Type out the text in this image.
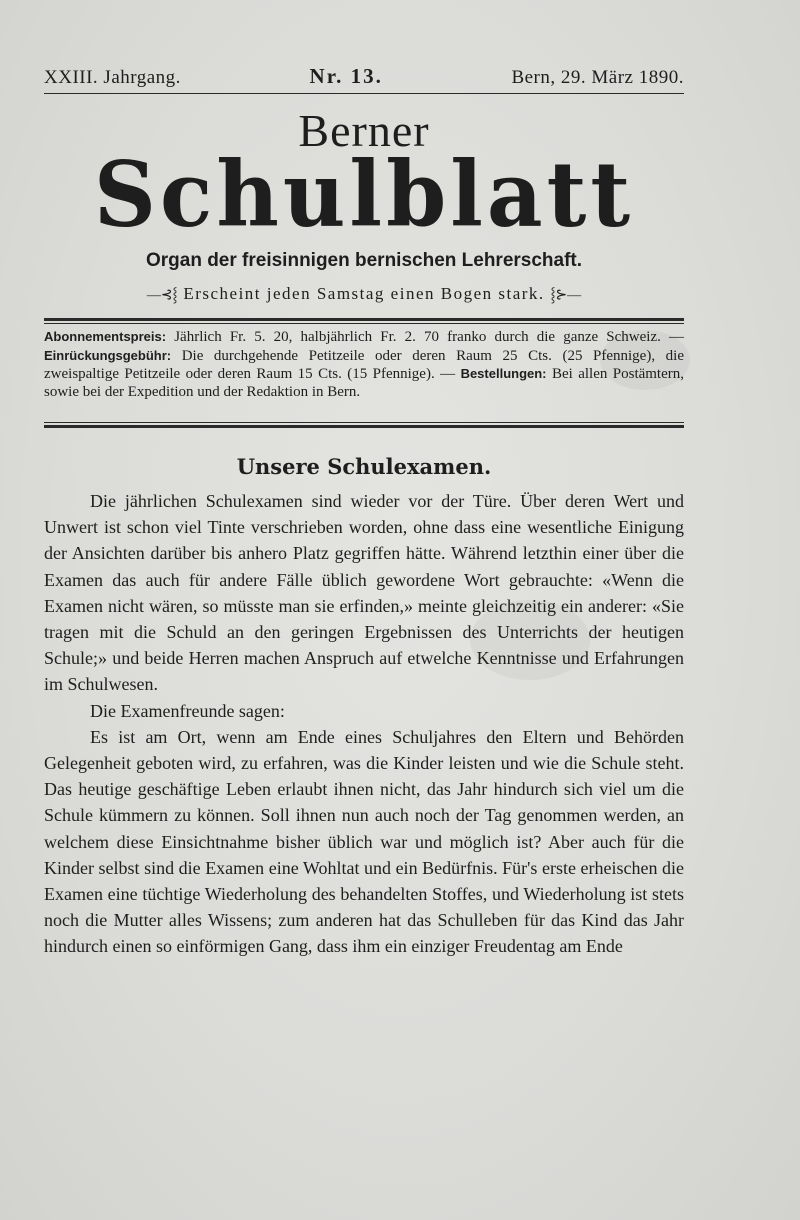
XXIII. Jahrgang.	Nr. 13.	Bern, 29. März 1890.
Berner
Schulblatt
Organ der freisinnigen bernischen Lehrerschaft.
—⊰⸾ Erscheint jeden Samstag einen Bogen stark. ⸾⊱—
Abonnementspreis: Jährlich Fr. 5. 20, halbjährlich Fr. 2. 70 franko durch die ganze Schweiz. — Einrückungsgebühr: Die durchgehende Petitzeile oder deren Raum 25 Cts. (25 Pfennige), die zweispaltige Petitzeile oder deren Raum 15 Cts. (15 Pfennige). — Bestellungen: Bei allen Postämtern, sowie bei der Expedition und der Redaktion in Bern.
Unsere Schulexamen.

Die jährlichen Schulexamen sind wieder vor der Türe. Über deren Wert und Unwert ist schon viel Tinte verschrieben worden, ohne dass eine wesentliche Einigung der Ansichten darüber bis anhero Platz gegriffen hätte. Während letzthin einer über die Examen das auch für andere Fälle üblich gewordene Wort gebrauchte: «Wenn die Examen nicht wären, so müsste man sie erfinden,» meinte gleichzeitig ein anderer: «Sie tragen mit die Schuld an den geringen Ergebnissen des Unterrichts der heutigen Schule;» und beide Herren machen Anspruch auf etwelche Kenntnisse und Erfahrungen im Schulwesen.

Die Examenfreunde sagen:

Es ist am Ort, wenn am Ende eines Schuljahres den Eltern und Behörden Gelegenheit geboten wird, zu erfahren, was die Kinder leisten und wie die Schule steht. Das heutige geschäftige Leben erlaubt ihnen nicht, das Jahr hindurch sich viel um die Schule kümmern zu können. Soll ihnen nun auch noch der Tag genommen werden, an welchem diese Einsichtnahme bisher üblich war und möglich ist? Aber auch für die Kinder selbst sind die Examen eine Wohltat und ein Bedürfnis. Für's erste erheischen die Examen eine tüchtige Wiederholung des behandelten Stoffes, und Wiederholung ist stets noch die Mutter alles Wissens; zum anderen hat das Schulleben für das Kind das Jahr hindurch einen so einförmigen Gang, dass ihm ein einziger Freudentag am Ende
